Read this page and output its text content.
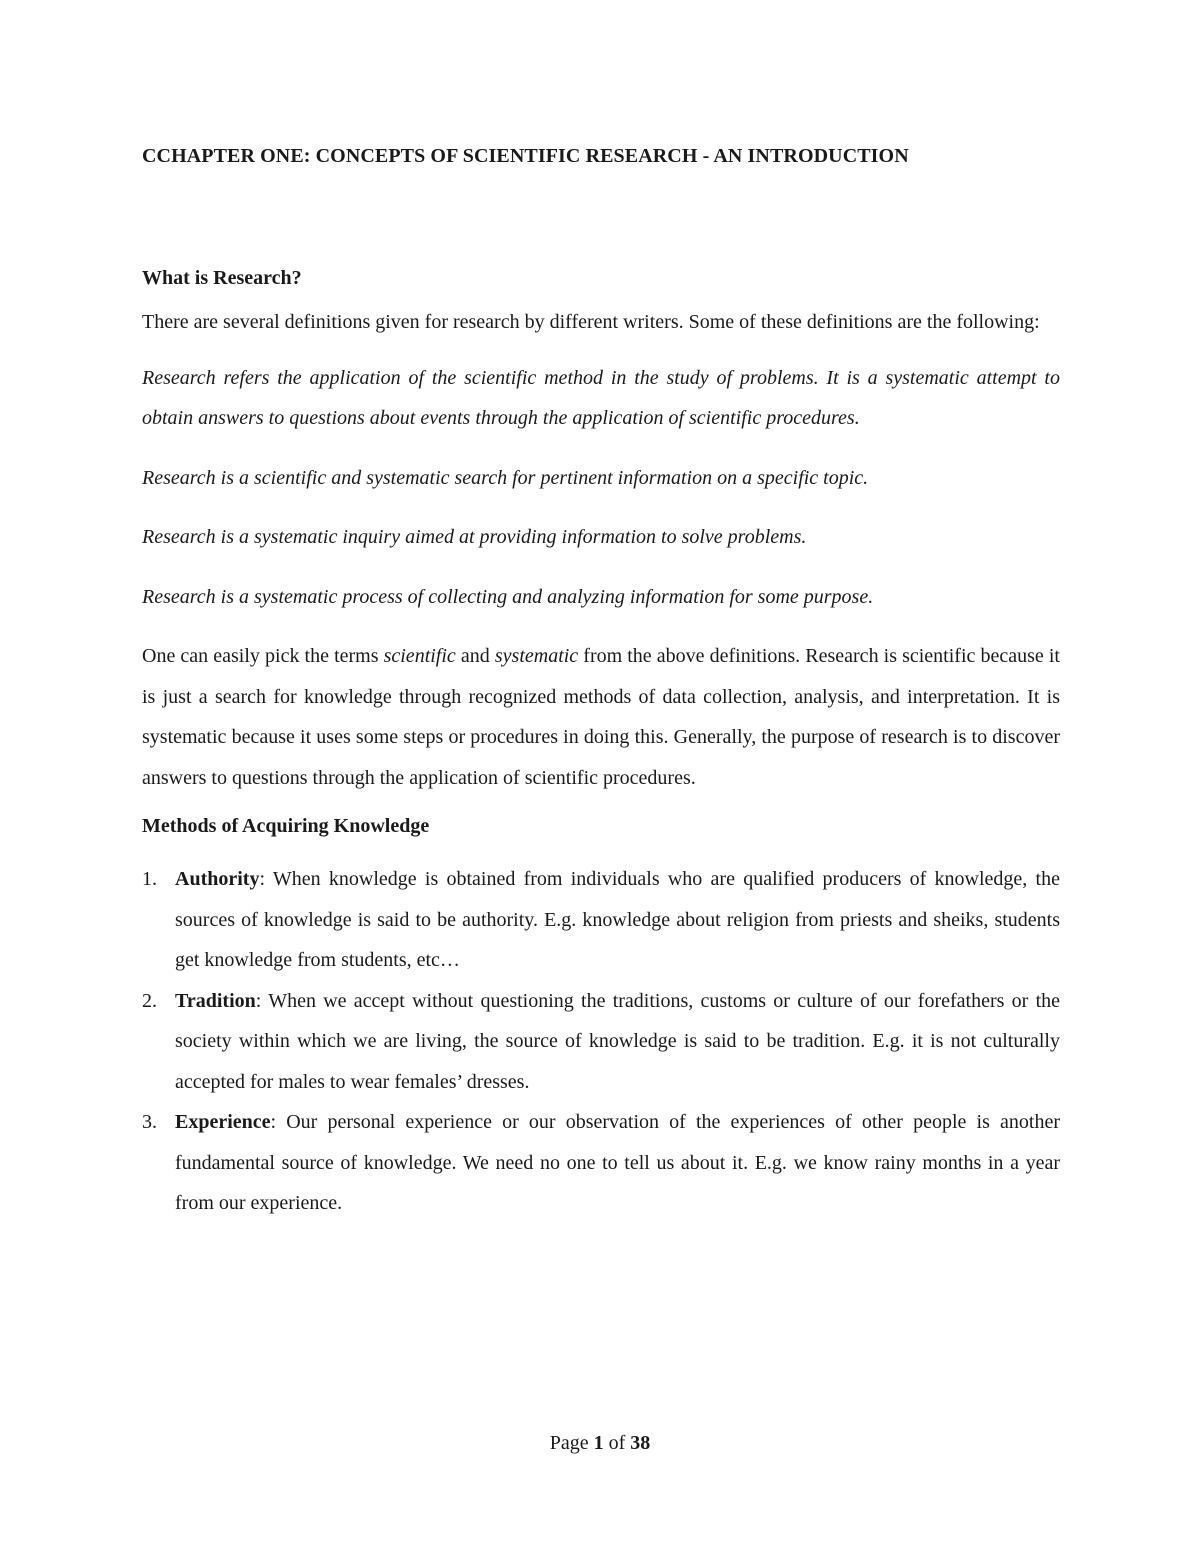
CCHAPTER ONE: CONCEPTS OF SCIENTIFIC RESEARCH - AN INTRODUCTION
What is Research?

There are several definitions given for research by different writers. Some of these definitions are the following:

Research refers the application of the scientific method in the study of problems. It is a systematic attempt to obtain answers to questions about events through the application of scientific procedures.

Research is a scientific and systematic search for pertinent information on a specific topic.

Research is a systematic inquiry aimed at providing information to solve problems.

Research is a systematic process of collecting and analyzing information for some purpose.

One can easily pick the terms scientific and systematic from the above definitions. Research is scientific because it is just a search for knowledge through recognized methods of data collection, analysis, and interpretation. It is systematic because it uses some steps or procedures in doing this. Generally, the purpose of research is to discover answers to questions through the application of scientific procedures.

Methods of Acquiring Knowledge
1. Authority: When knowledge is obtained from individuals who are qualified producers of knowledge, the sources of knowledge is said to be authority. E.g. knowledge about religion from priests and sheiks, students get knowledge from students, etc…
2. Tradition: When we accept without questioning the traditions, customs or culture of our forefathers or the society within which we are living, the source of knowledge is said to be tradition. E.g. it is not culturally accepted for males to wear females’ dresses.
3. Experience: Our personal experience or our observation of the experiences of other people is another fundamental source of knowledge. We need no one to tell us about it. E.g. we know rainy months in a year from our experience.
Page 1 of 38
